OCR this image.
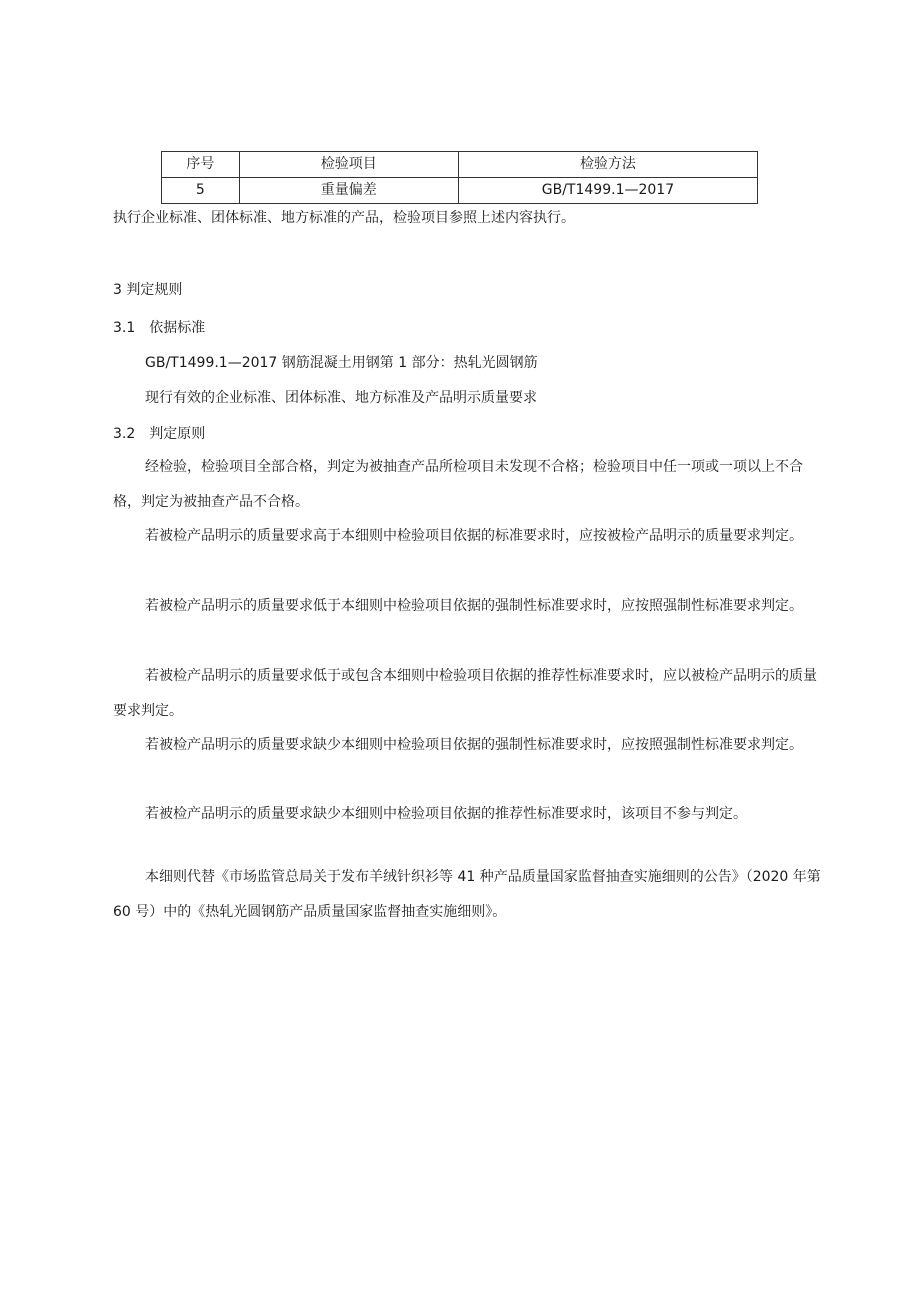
序号	检验项目	检验方法
5	重量偏差	GB/T1499.1—2017
执行企业标准、团体标准、地方标准的产品，检验项目参照上述内容执行。
3 判定规则
3.1　依据标准
GB/T1499.1—2017 钢筋混凝土用钢第 1 部分：热轧光圆钢筋
现行有效的企业标准、团体标准、地方标准及产品明示质量要求
3.2　判定原则
经检验，检验项目全部合格，判定为被抽查产品所检项目未发现不合格；检验项目中任一项或一项以上不合格，判定为被抽查产品不合格。
若被检产品明示的质量要求高于本细则中检验项目依据的标准要求时，应按被检产品明示的质量要求判定。
若被检产品明示的质量要求低于本细则中检验项目依据的强制性标准要求时，应按照强制性标准要求判定。
若被检产品明示的质量要求低于或包含本细则中检验项目依据的推荐性标准要求时，应以被检产品明示的质量要求判定。
若被检产品明示的质量要求缺少本细则中检验项目依据的强制性标准要求时，应按照强制性标准要求判定。
若被检产品明示的质量要求缺少本细则中检验项目依据的推荐性标准要求时，该项目不参与判定。
本细则代替《市场监管总局关于发布羊绒针织衫等 41 种产品质量国家监督抽查实施细则的公告》（2020 年第 60 号）中的《热轧光圆钢筋产品质量国家监督抽查实施细则》。
